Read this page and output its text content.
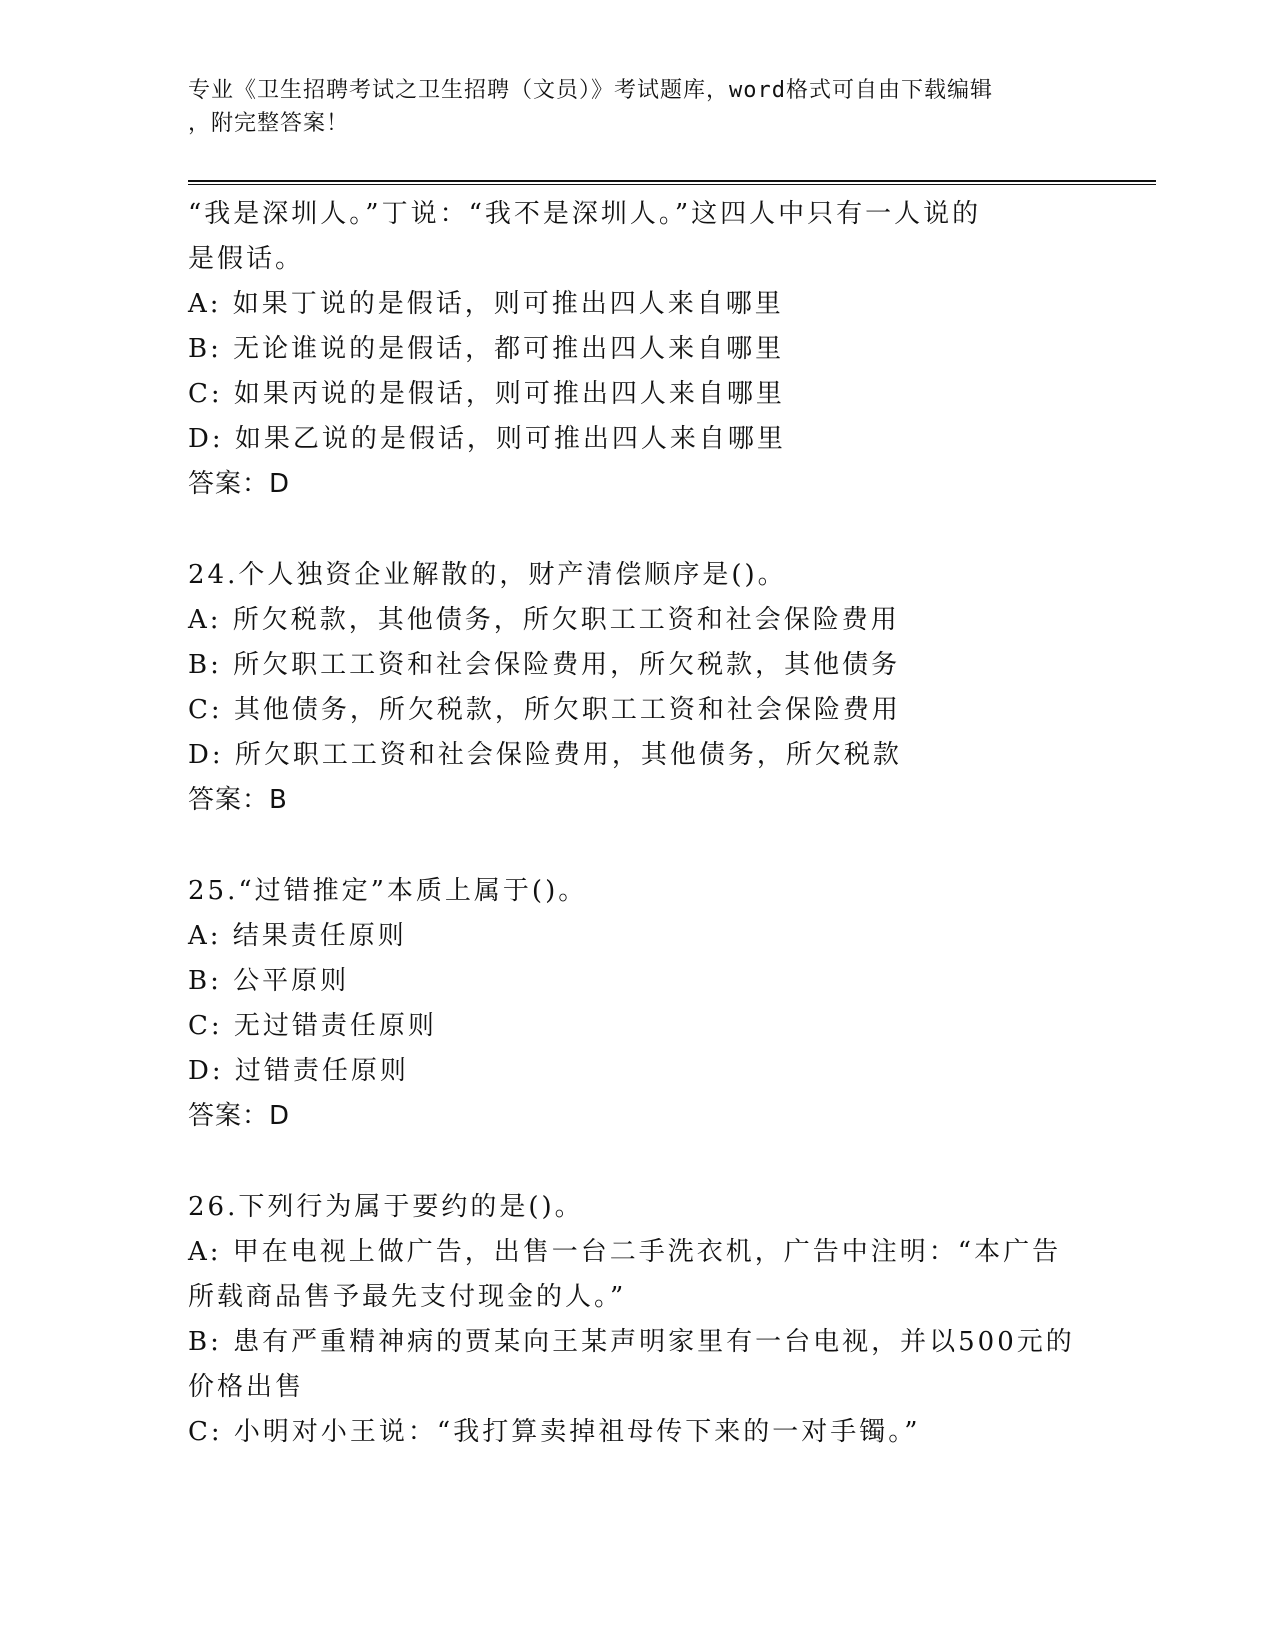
专业《卫生招聘考试之卫生招聘（文员）》考试题库，word格式可自由下载编辑
，附完整答案！
“我是深圳人。”丁说：“我不是深圳人。”这四人中只有一人说的
是假话。
A: 如果丁说的是假话，则可推出四人来自哪里
B: 无论谁说的是假话，都可推出四人来自哪里
C: 如果丙说的是假话，则可推出四人来自哪里
D: 如果乙说的是假话，则可推出四人来自哪里
答案：D
24.个人独资企业解散的，财产清偿顺序是()。
A: 所欠税款，其他债务，所欠职工工资和社会保险费用
B: 所欠职工工资和社会保险费用，所欠税款，其他债务
C: 其他债务，所欠税款，所欠职工工资和社会保险费用
D: 所欠职工工资和社会保险费用，其他债务，所欠税款
答案：B
25.“过错推定”本质上属于()。
A: 结果责任原则
B: 公平原则
C: 无过错责任原则
D: 过错责任原则
答案：D
26.下列行为属于要约的是()。
A: 甲在电视上做广告，出售一台二手洗衣机，广告中注明：“本广告
所载商品售予最先支付现金的人。”
B: 患有严重精神病的贾某向王某声明家里有一台电视，并以500元的
价格出售
C: 小明对小王说：“我打算卖掉祖母传下来的一对手镯。”
